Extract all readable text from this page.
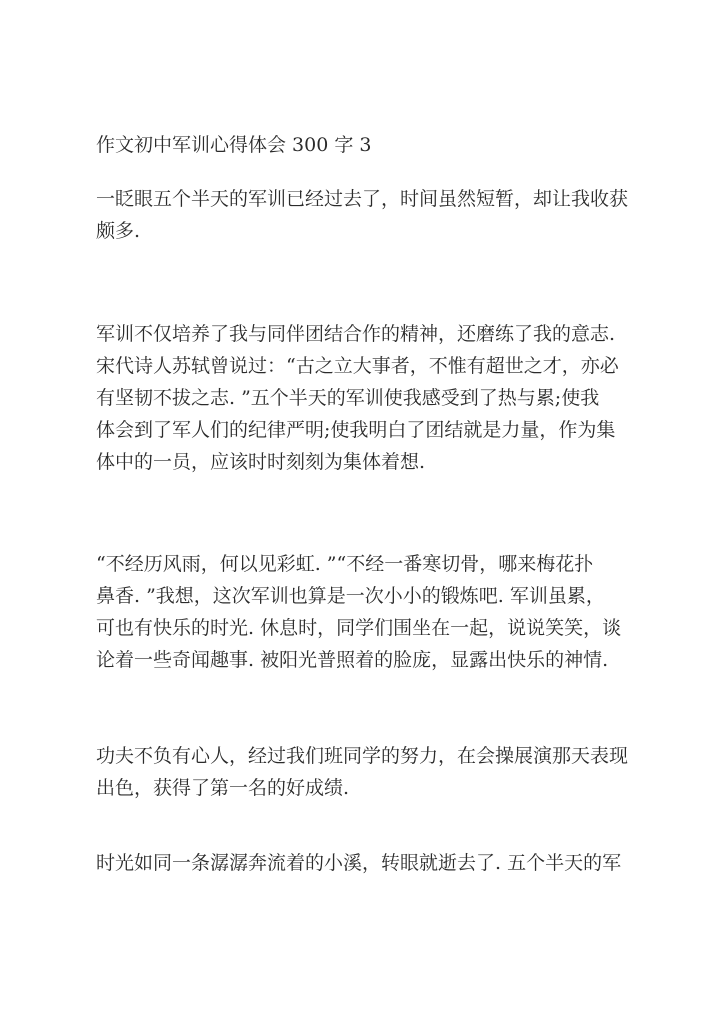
作文初中军训心得体会 300 字 3

一眨眼五个半天的军训已经过去了，时间虽然短暂，却让我收获
颇多.

军训不仅培养了我与同伴团结合作的精神，还磨练了我的意志.
宋代诗人苏轼曾说过：“古之立大事者，不惟有超世之才，亦必
有坚韧不拔之志. ”五个半天的军训使我感受到了热与累;使我
体会到了军人们的纪律严明;使我明白了团结就是力量，作为集
体中的一员，应该时时刻刻为集体着想.

“不经历风雨，何以见彩虹. ”“不经一番寒切骨，哪来梅花扑
鼻香. ”我想，这次军训也算是一次小小的锻炼吧. 军训虽累，
可也有快乐的时光. 休息时，同学们围坐在一起，说说笑笑，谈
论着一些奇闻趣事. 被阳光普照着的脸庞，显露出快乐的神情.

功夫不负有心人，经过我们班同学的努力，在会操展演那天表现
出色，获得了第一名的好成绩.

时光如同一条潺潺奔流着的小溪，转眼就逝去了. 五个半天的军
